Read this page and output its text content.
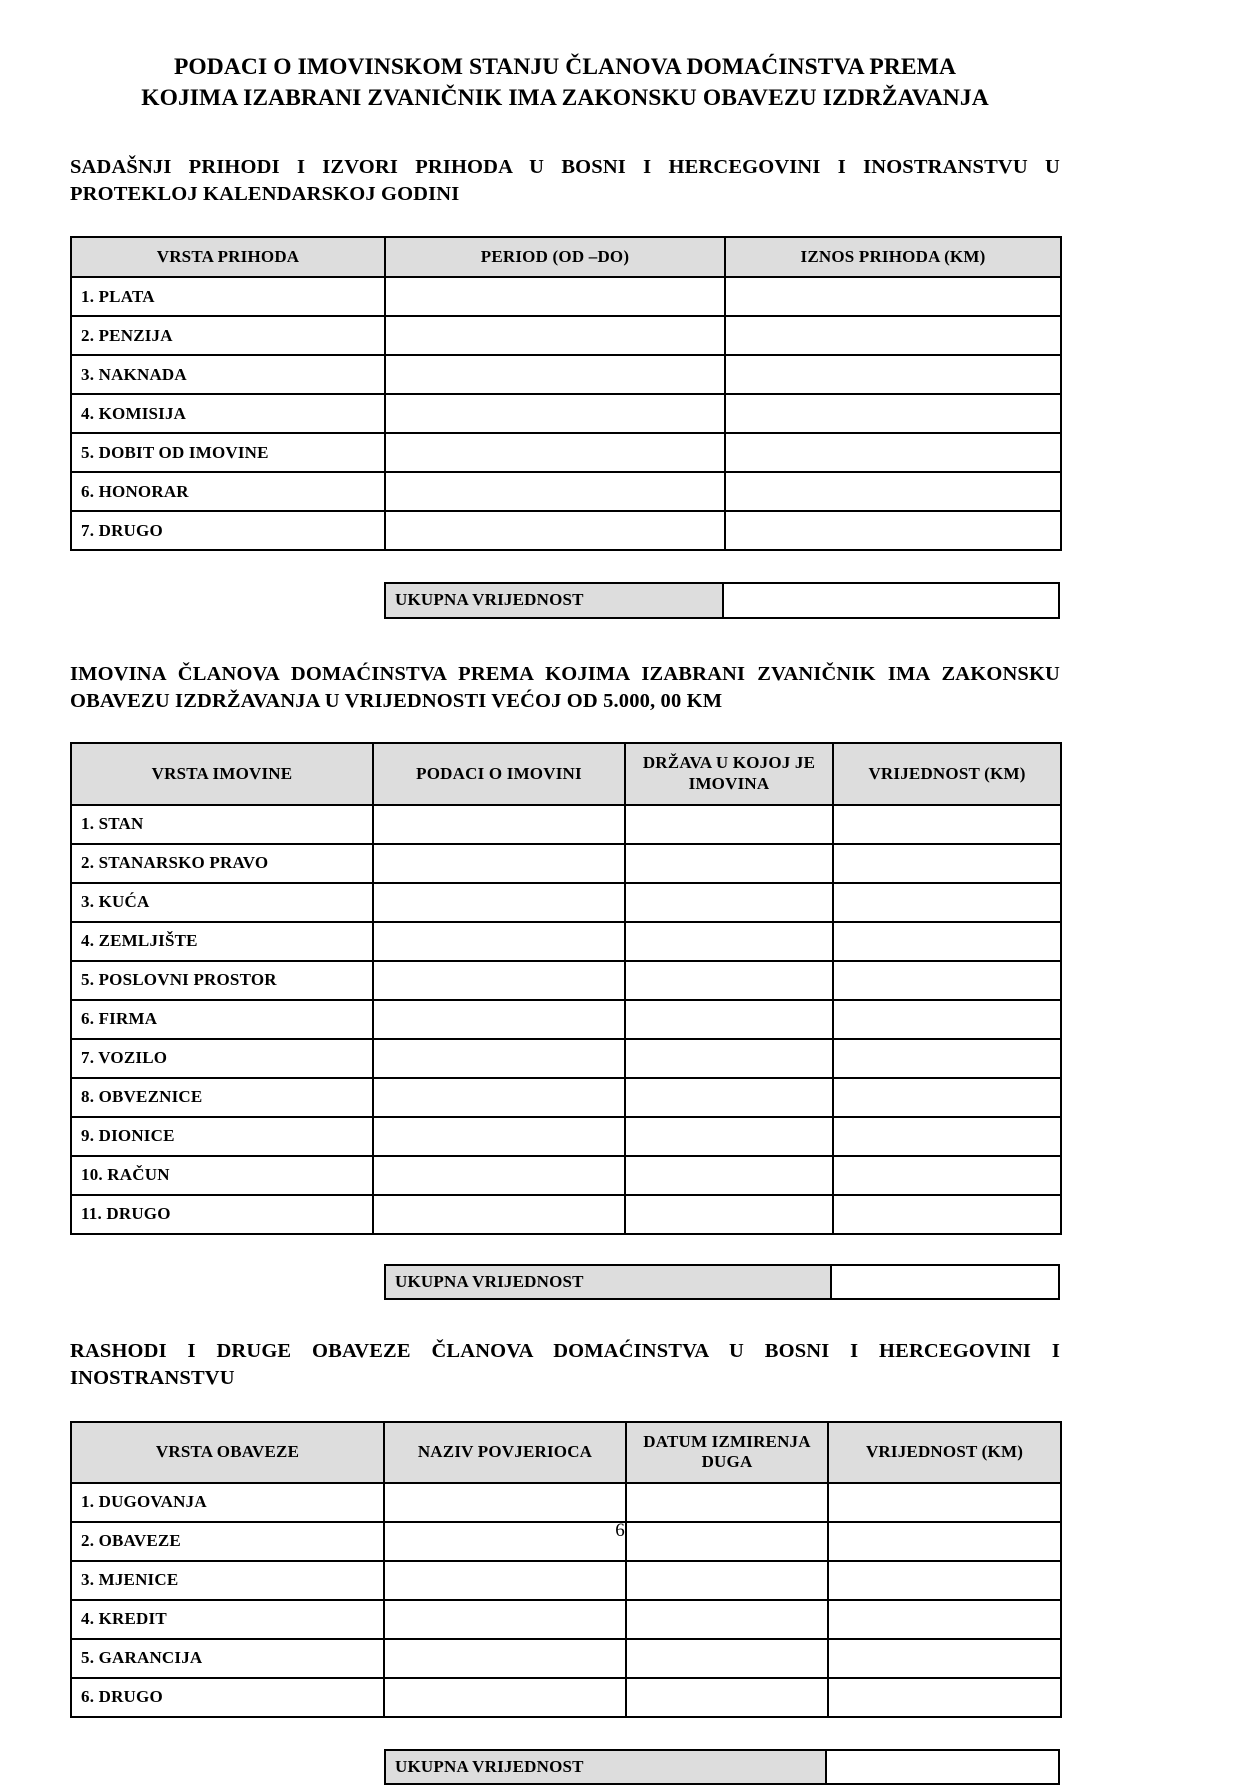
PODACI O IMOVINSKOM STANJU ČLANOVA DOMAĆINSTVA PREMA
KOJIMA IZABRANI ZVANIČNIK IMA ZAKONSKU OBAVEZU IZDRŽAVANJA
SADAŠNJI PRIHODI I IZVORI PRIHODA U BOSNI I HERCEGOVINI I INOSTRANSTVU U PROTEKLOJ KALENDARSKOJ GODINI
VRSTA PRIHODA	PERIOD (OD –DO)	IZNOS PRIHODA (KM)
1. PLATA		
2. PENZIJA		
3. NAKNADA		
4. KOMISIJA		
5. DOBIT OD IMOVINE		
6. HONORAR		
7. DRUGO		
UKUPNA VRIJEDNOST
IMOVINA ČLANOVA DOMAĆINSTVA PREMA KOJIMA IZABRANI ZVANIČNIK IMA ZAKONSKU OBAVEZU IZDRŽAVANJA U VRIJEDNOSTI VEĆOJ OD 5.000, 00 KM
VRSTA IMOVINE	PODACI O IMOVINI	DRŽAVA U KOJOJ JE IMOVINA	VRIJEDNOST (KM)
1. STAN			
2. STANARSKO PRAVO			
3. KUĆA			
4. ZEMLJIŠTE			
5. POSLOVNI PROSTOR			
6. FIRMA			
7. VOZILO			
8. OBVEZNICE			
9. DIONICE			
10. RAČUN			
11. DRUGO			
UKUPNA VRIJEDNOST
RASHODI I DRUGE OBAVEZE ČLANOVA DOMAĆINSTVA U BOSNI I HERCEGOVINI I INOSTRANSTVU
VRSTA OBAVEZE	NAZIV POVJERIOCA	DATUM IZMIRENJA DUGA	VRIJEDNOST (KM)
1. DUGOVANJA			
2. OBAVEZE			
3. MJENICE			
4. KREDIT			
5. GARANCIJA			
6. DRUGO			
UKUPNA VRIJEDNOST
6
